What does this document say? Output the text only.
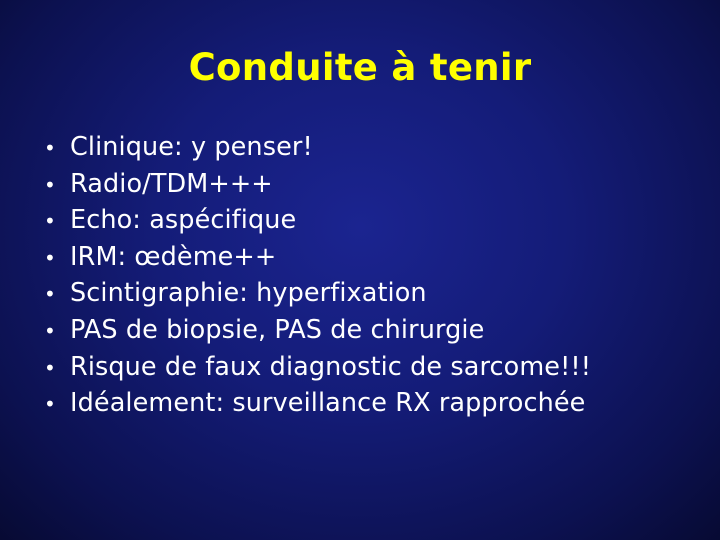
Conduite à tenir
• Clinique: y penser!
• Radio/TDM+++
• Echo: aspécifique
• IRM: œdème++
• Scintigraphie: hyperfixation
• PAS de biopsie, PAS de chirurgie
• Risque de faux diagnostic de sarcome!!!
• Idéalement: surveillance RX rapprochée
